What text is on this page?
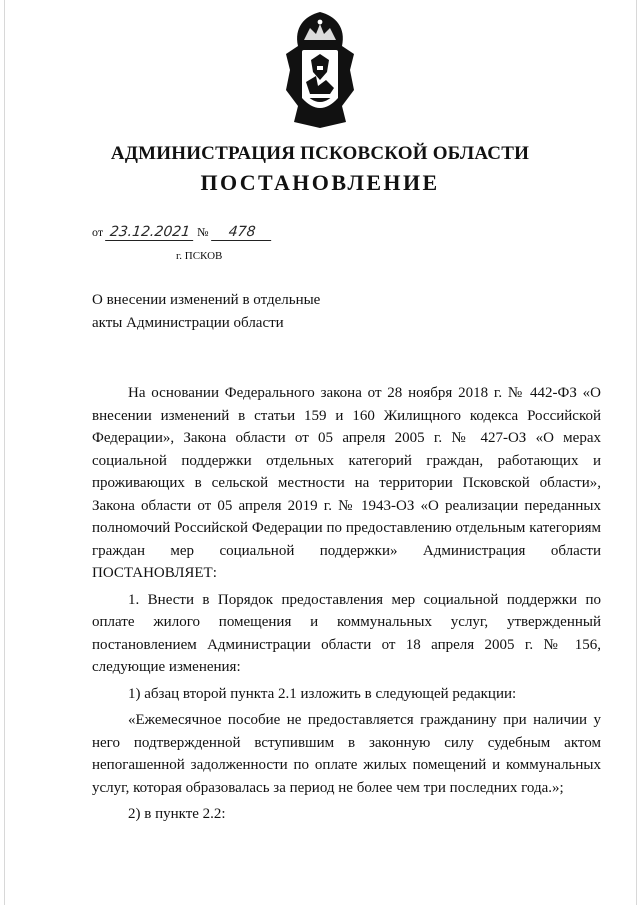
АДМИНИСТРАЦИЯ ПСКОВСКОЙ ОБЛАСТИ
ПОСТАНОВЛЕНИЕ
от 23.12.2021 № 478
г. ПСКОВ
О внесении изменений в отдельные
акты Администрации области

На основании Федерального закона от 28 ноября 2018 г. № 442-ФЗ «О внесении изменений в статьи 159 и 160 Жилищного кодекса Российской Федерации», Закона области от 05 апреля 2005 г. № 427-ОЗ «О мерах социальной поддержки отдельных категорий граждан, работающих и проживающих в сельской местности на территории Псковской области», Закона области от 05 апреля 2019 г. № 1943-ОЗ «О реализации переданных полномочий Российской Федерации по предоставлению отдельным категориям граждан мер социальной поддержки» Администрация области ПОСТАНОВЛЯЕТ:

1. Внести в Порядок предоставления мер социальной поддержки по оплате жилого помещения и коммунальных услуг, утвержденный постановлением Администрации области от 18 апреля 2005 г. № 156, следующие изменения:

1) абзац второй пункта 2.1 изложить в следующей редакции:

«Ежемесячное пособие не предоставляется гражданину при наличии у него подтвержденной вступившим в законную силу судебным актом непогашенной задолженности по оплате жилых помещений и коммунальных услуг, которая образовалась за период не более чем три последних года.»;

2) в пункте 2.2:
